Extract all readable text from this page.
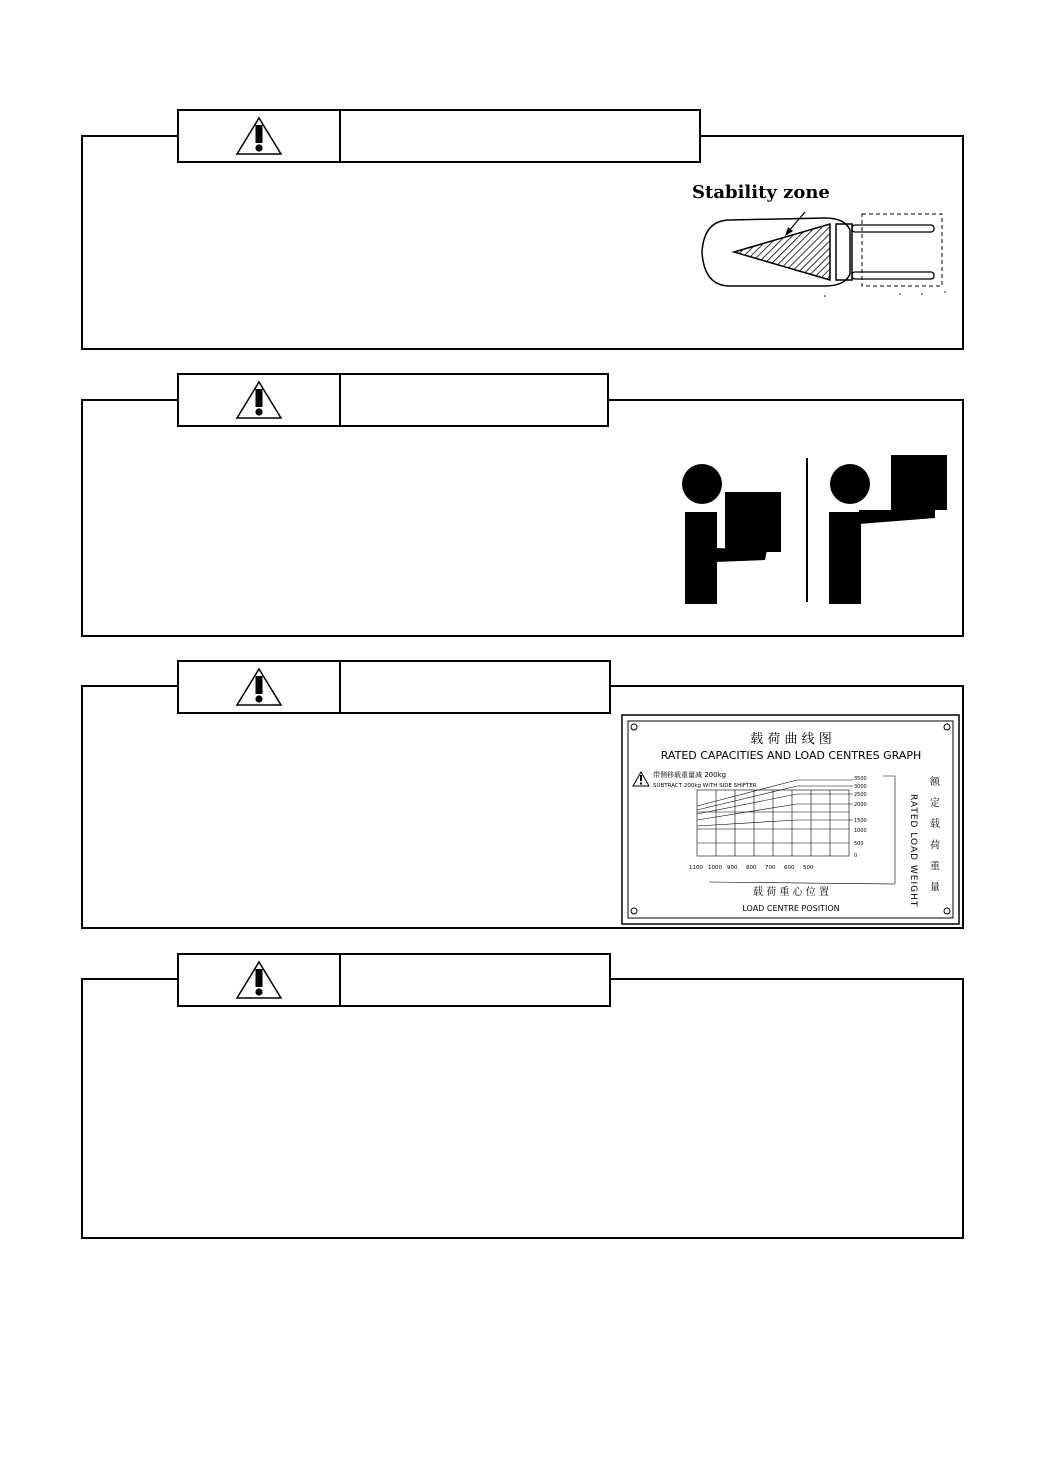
Stability zone
载 荷 曲 线 图
RATED CAPACITIES AND LOAD CENTRES GRAPH
带侧移载重量减 200kg
SUBTRACT 200kg WITH SIDE SHIFTER
3500
3000
2500
2000
1500
1000
500
0
1100 1000 900 800 700 600 500	RATED LOAD WEIGHT 额 定 载 荷 重 量
载 荷 重 心 位 置
LOAD CENTRE POSITION
